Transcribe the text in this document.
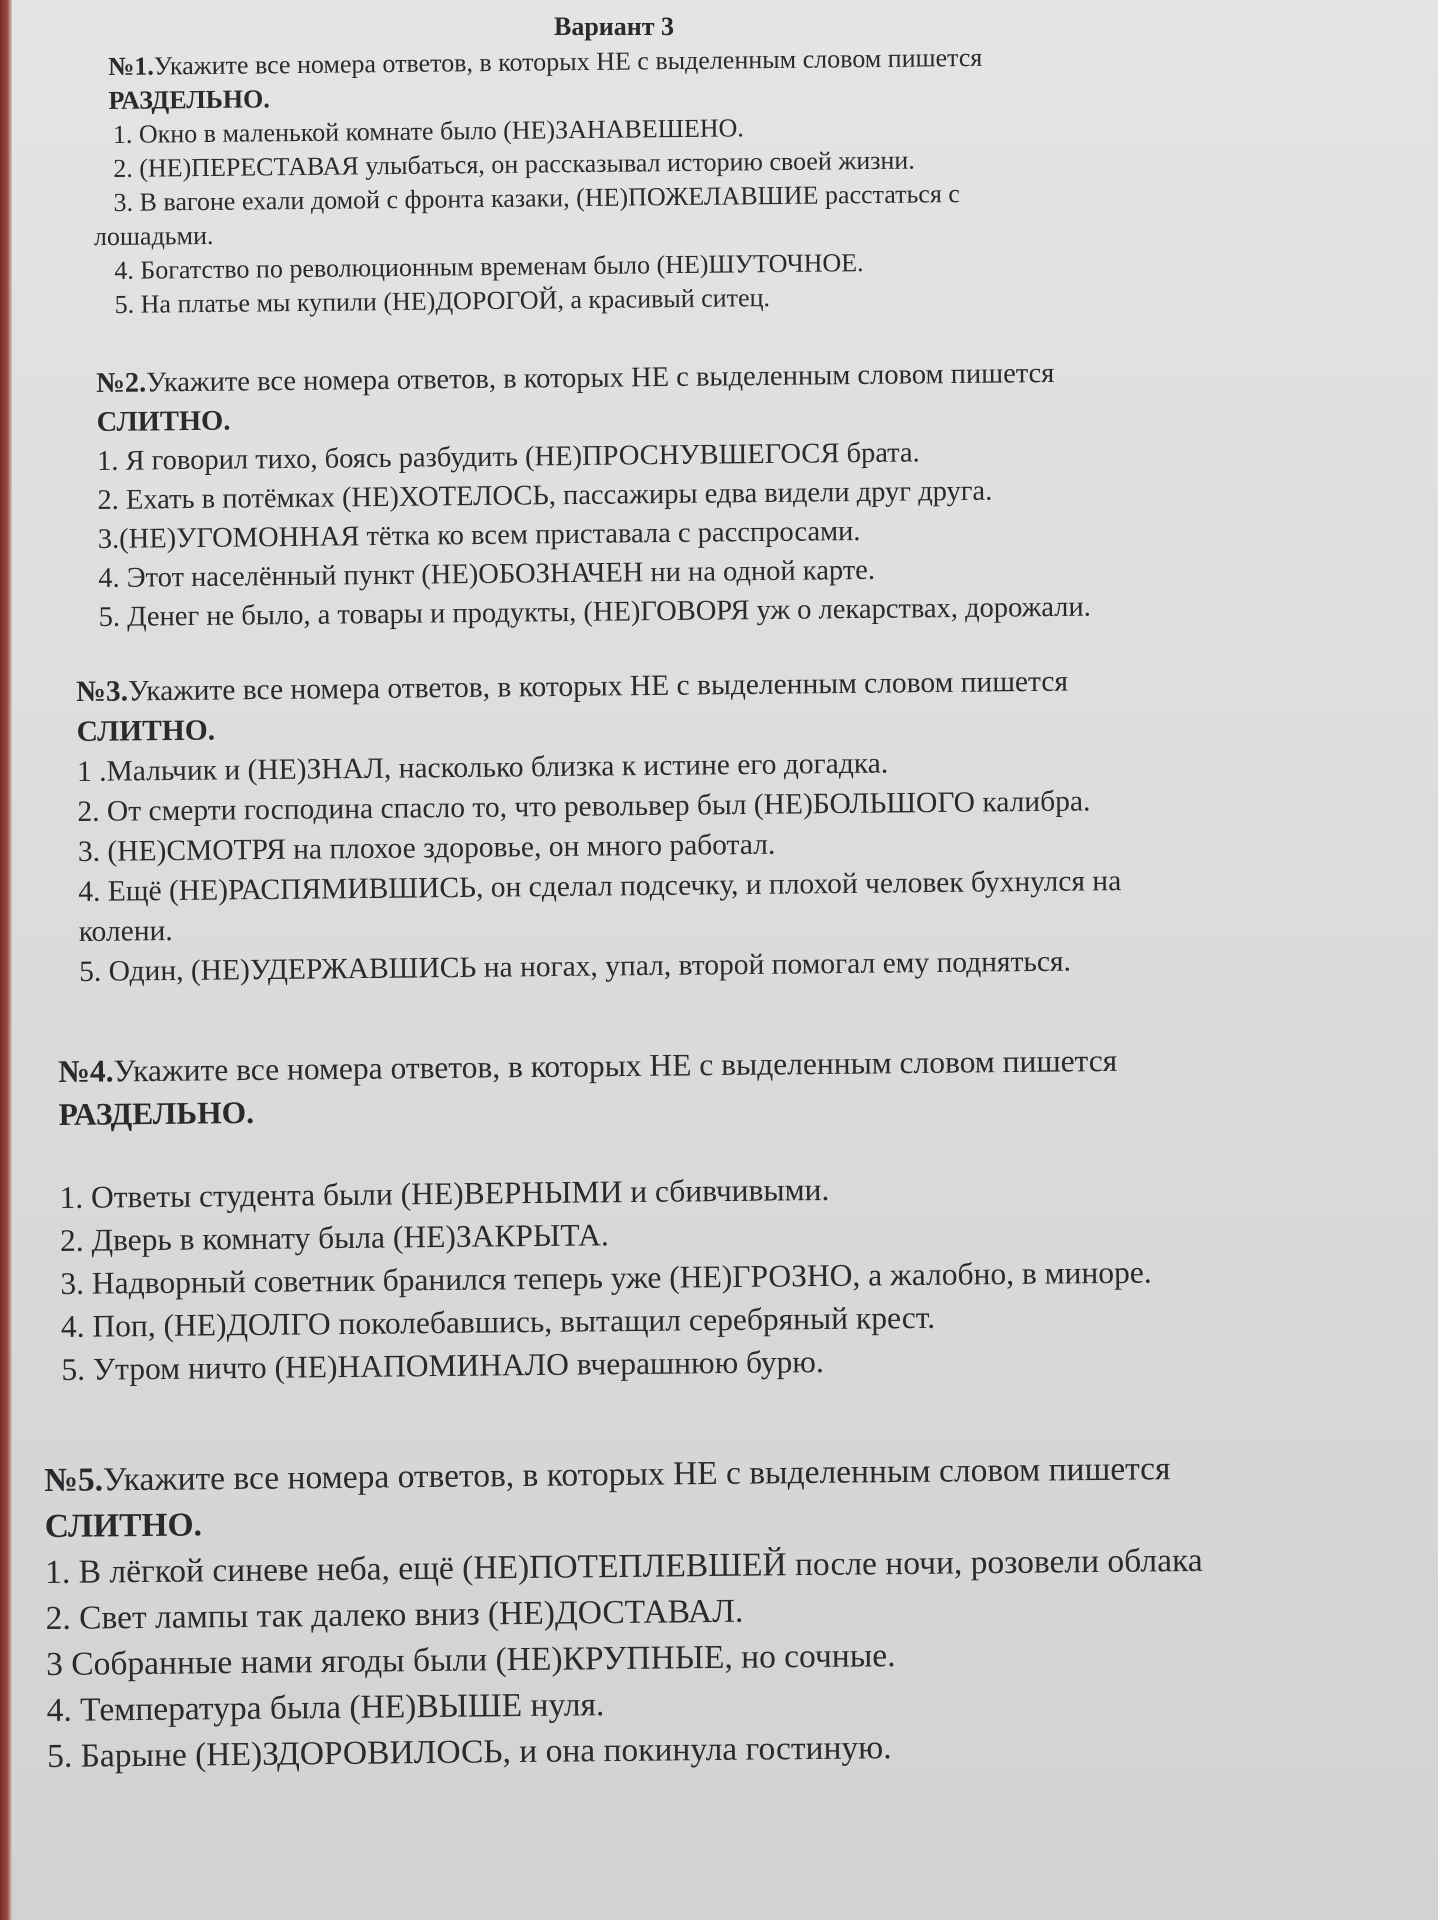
Вариант 3
№1.Укажите все номера ответов, в которых НЕ с выделенным словом пишется
РАЗДЕЛЬНО.
1. Окно в маленькой комнате было (НЕ)ЗАНАВЕШЕНО.
2. (НЕ)ПЕРЕСТАВАЯ улыбаться, он рассказывал историю своей жизни.
3. В вагоне ехали домой с фронта казаки, (НЕ)ПОЖЕЛАВШИЕ расстаться с
лошадьми.
4. Богатство по революционным временам было (НЕ)ШУТОЧНОЕ.
5. На платье мы купили (НЕ)ДОРОГОЙ, а красивый ситец.
№2.Укажите все номера ответов, в которых НЕ с выделенным словом пишется
СЛИТНО.
1. Я говорил тихо, боясь разбудить (НЕ)ПРОСНУВШЕГОСЯ брата.
2. Ехать в потёмках (НЕ)ХОТЕЛОСЬ, пассажиры едва видели друг друга.
3.(НЕ)УГОМОННАЯ тётка ко всем приставала с расспросами.
4. Этот населённый пункт (НЕ)ОБОЗНАЧЕН ни на одной карте.
5. Денег не было, а товары и продукты, (НЕ)ГОВОРЯ уж о лекарствах, дорожали.
№3.Укажите все номера ответов, в которых НЕ с выделенным словом пишется
СЛИТНО.
1 .Мальчик и (НЕ)ЗНАЛ, насколько близка к истине его догадка.
2. От смерти господина спасло то, что револьвер был (НЕ)БОЛЬШОГО калибра.
3. (НЕ)СМОТРЯ на плохое здоровье, он много работал.
4. Ещё (НЕ)РАСПЯМИВШИСЬ, он сделал подсечку, и плохой человек бухнулся на
колени.
5. Один, (НЕ)УДЕРЖАВШИСЬ на ногах, упал, второй помогал ему подняться.
№4.Укажите все номера ответов, в которых НЕ с выделенным словом пишется
РАЗДЕЛЬНО.
1. Ответы студента были (НЕ)ВЕРНЫМИ и сбивчивыми.
2. Дверь в комнату была (НЕ)ЗАКРЫТА.
3. Надворный советник бранился теперь уже (НЕ)ГРОЗНО, а жалобно, в миноре.
4. Поп, (НЕ)ДОЛГО поколебавшись, вытащил серебряный крест.
5. Утром ничто (НЕ)НАПОМИНАЛО вчерашнюю бурю.
№5.Укажите все номера ответов, в которых НЕ с выделенным словом пишется
СЛИТНО.
1. В лёгкой синеве неба, ещё (НЕ)ПОТЕПЛЕВШЕЙ после ночи, розовели облака
2. Свет лампы так далеко вниз (НЕ)ДОСТАВАЛ.
3 Собранные нами ягоды были (НЕ)КРУПНЫЕ, но сочные.
4. Температура была (НЕ)ВЫШЕ нуля.
5. Барыне (НЕ)ЗДОРОВИЛОСЬ, и она покинула гостиную.
